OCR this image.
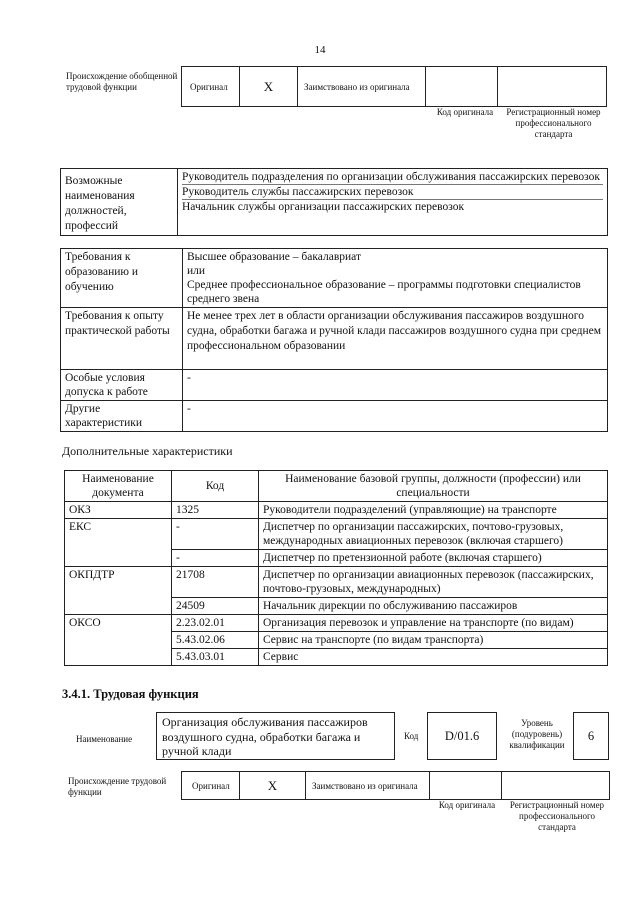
14
Происхождение обобщенной трудовой функции	Оригинал	X	Заимствовано из оригинала
Код оригинала	Регистрационный номер профессионального стандарта
Возможные наименования должностей, профессий	
Руководитель подразделения по организации обслуживания пассажирских перевозок
Руководитель службы пассажирских перевозок
Начальник службы организации пассажирских перевозок
Требования к образованию и обучению	Высшее образование – бакалавриат
или
Среднее профессиональное образование – программы подготовки специалистов среднего звена
Требования к опыту практической работы	Не менее трех лет в области организации обслуживания пассажиров воздушного судна, обработки багажа и ручной клади пассажиров воздушного судна при среднем профессиональном образовании
Особые условия допуска к работе	-
Другие характеристики	-
Дополнительные характеристики
Наименование документа	Код	Наименование базовой группы, должности (профессии) или специальности
ОКЗ	1325	Руководители подразделений (управляющие) на транспорте
ЕКС	-	Диспетчер по организации пассажирских, почтово-грузовых, международных авиационных перевозок (включая старшего)
	-	Диспетчер по претензионной работе (включая старшего)
ОКПДТР	21708	Диспетчер по организации авиационных перевозок (пассажирских, почтово-грузовых, международных)
	24509	Начальник дирекции по обслуживанию пассажиров
ОКСО	2.23.02.01	Организация перевозок и управление на транспорте (по видам)
	5.43.02.06	Сервис на транспорте (по видам транспорта)
	5.43.03.01	Сервис
3.4.1. Трудовая функция
Наименование
Организация обслуживания пассажиров воздушного судна, обработки багажа и ручной клади
Код	D/01.6
Уровень (подуровень) квалификации
6
Происхождение трудовой функции
Оригинал	X	Заимствовано из оригинала
Код оригинала	Регистрационный номер профессионального стандарта
